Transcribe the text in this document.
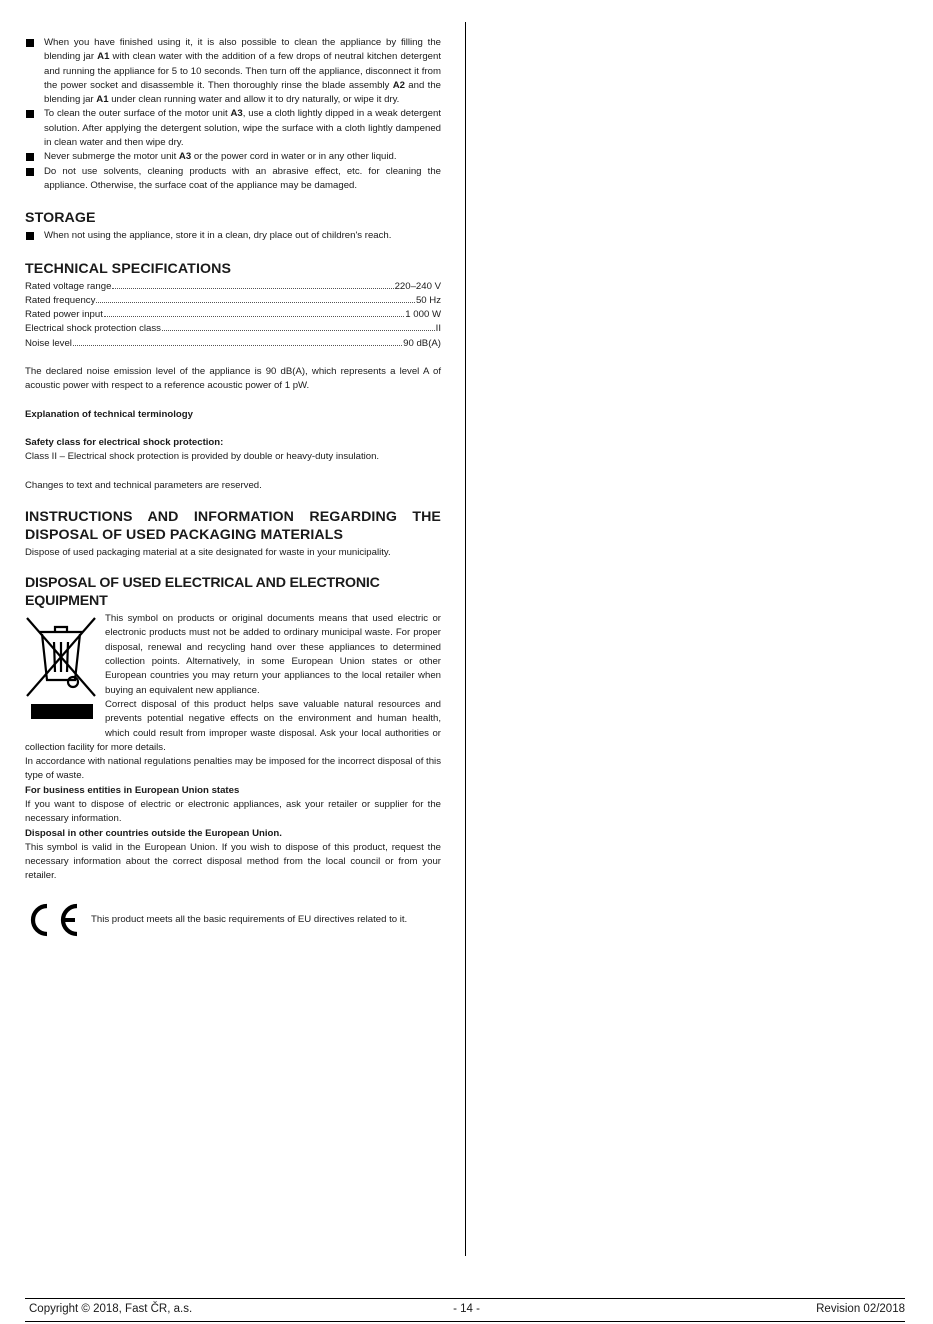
When you have finished using it, it is also possible to clean the appliance by filling the blending jar A1 with clean water with the addition of a few drops of neutral kitchen detergent and running the appliance for 5 to 10 seconds. Then turn off the appliance, disconnect it from the power socket and disassemble it. Then thoroughly rinse the blade assembly A2 and the blending jar A1 under clean running water and allow it to dry naturally, or wipe it dry.
To clean the outer surface of the motor unit A3, use a cloth lightly dipped in a weak detergent solution. After applying the detergent solution, wipe the surface with a cloth lightly dampened in clean water and then wipe dry.
Never submerge the motor unit A3 or the power cord in water or in any other liquid.
Do not use solvents, cleaning products with an abrasive effect, etc. for cleaning the appliance. Otherwise, the surface coat of the appliance may be damaged.
STORAGE
When not using the appliance, store it in a clean, dry place out of children's reach.
TECHNICAL SPECIFICATIONS
Rated voltage range	220–240 V
Rated frequency	50 Hz
Rated power input	1 000 W
Electrical shock protection class	II
Noise level	90 dB(A)

The declared noise emission level of the appliance is 90 dB(A), which represents a level A of acoustic power with respect to a reference acoustic power of 1 pW.

Explanation of technical terminology

Safety class for electrical shock protection:

Class II – Electrical shock protection is provided by double or heavy-duty insulation.

Changes to text and technical parameters are reserved.

INSTRUCTIONS AND INFORMATION REGARDING THE DISPOSAL OF USED PACKAGING MATERIALS

Dispose of used packaging material at a site designated for waste in your municipality.

DISPOSAL OF USED ELECTRICAL AND ELECTRONIC EQUIPMENT

This symbol on products or original documents means that used electric or electronic products must not be added to ordinary municipal waste. For proper disposal, renewal and recycling hand over these appliances to determined collection points. Alternatively, in some European Union states or other European countries you may return your appliances to the local retailer when buying an equivalent new appliance.

Correct disposal of this product helps save valuable natural resources and prevents potential negative effects on the environment and human health, which could result from improper waste disposal. Ask your local authorities or collection facility for more details.

In accordance with national regulations penalties may be imposed for the incorrect disposal of this type of waste.

For business entities in European Union states

If you want to dispose of electric or electronic appliances, ask your retailer or supplier for the necessary information.

Disposal in other countries outside the European Union.

This symbol is valid in the European Union. If you wish to dispose of this product, request the necessary information about the correct disposal method from the local council or from your retailer.

This product meets all the basic requirements of EU directives related to it.
Copyright © 2018, Fast ČR, a.s.	- 14 -	Revision 02/2018
